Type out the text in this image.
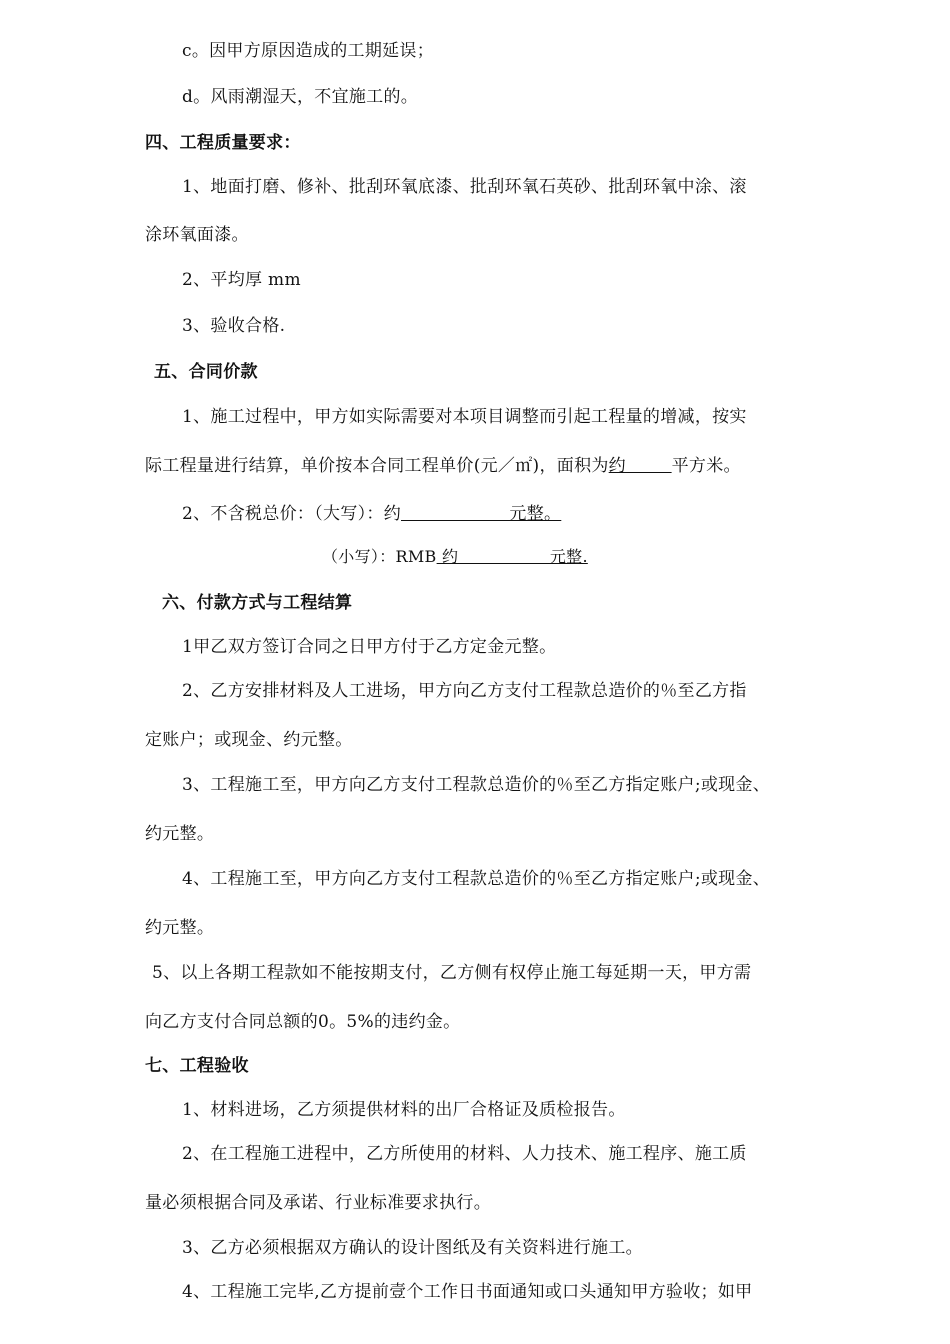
c。因甲方原因造成的工期延误；
d。风雨潮湿天，不宜施工的。
四、工程质量要求：
1、地面打磨、修补、批刮环氧底漆、批刮环氧石英砂、批刮环氧中涂、滚
涂环氧面漆。
2、平均厚 mm
3、验收合格.
五、合同价款
1、施工过程中，甲方如实际需要对本项目调整而引起工程量的增减，按实
际工程量进行结算，单价按本合同工程单价(元／㎡)，面积为约        平方米。
2、不含税总价：（大写）：约                   元整。
（小写）：RMB 约                 元整.
六、付款方式与工程结算
1甲乙双方签订合同之日甲方付于乙方定金元整。
2、乙方安排材料及人工进场，甲方向乙方支付工程款总造价的％至乙方指
定账户；或现金、约元整。
3、工程施工至，甲方向乙方支付工程款总造价的％至乙方指定账户;或现金、
约元整。
4、工程施工至，甲方向乙方支付工程款总造价的％至乙方指定账户;或现金、
约元整。
5、以上各期工程款如不能按期支付，乙方侧有权停止施工每延期一天，甲方需
向乙方支付合同总额的0。5%的违约金。
七、工程验收
1、材料进场，乙方须提供材料的出厂合格证及质检报告。
2、在工程施工进程中，乙方所使用的材料、人力技术、施工程序、施工质
量必须根据合同及承诺、行业标准要求执行。
3、乙方必须根据双方确认的设计图纸及有关资料进行施工。
4、工程施工完毕,乙方提前壹个工作日书面通知或口头通知甲方验收；如甲
